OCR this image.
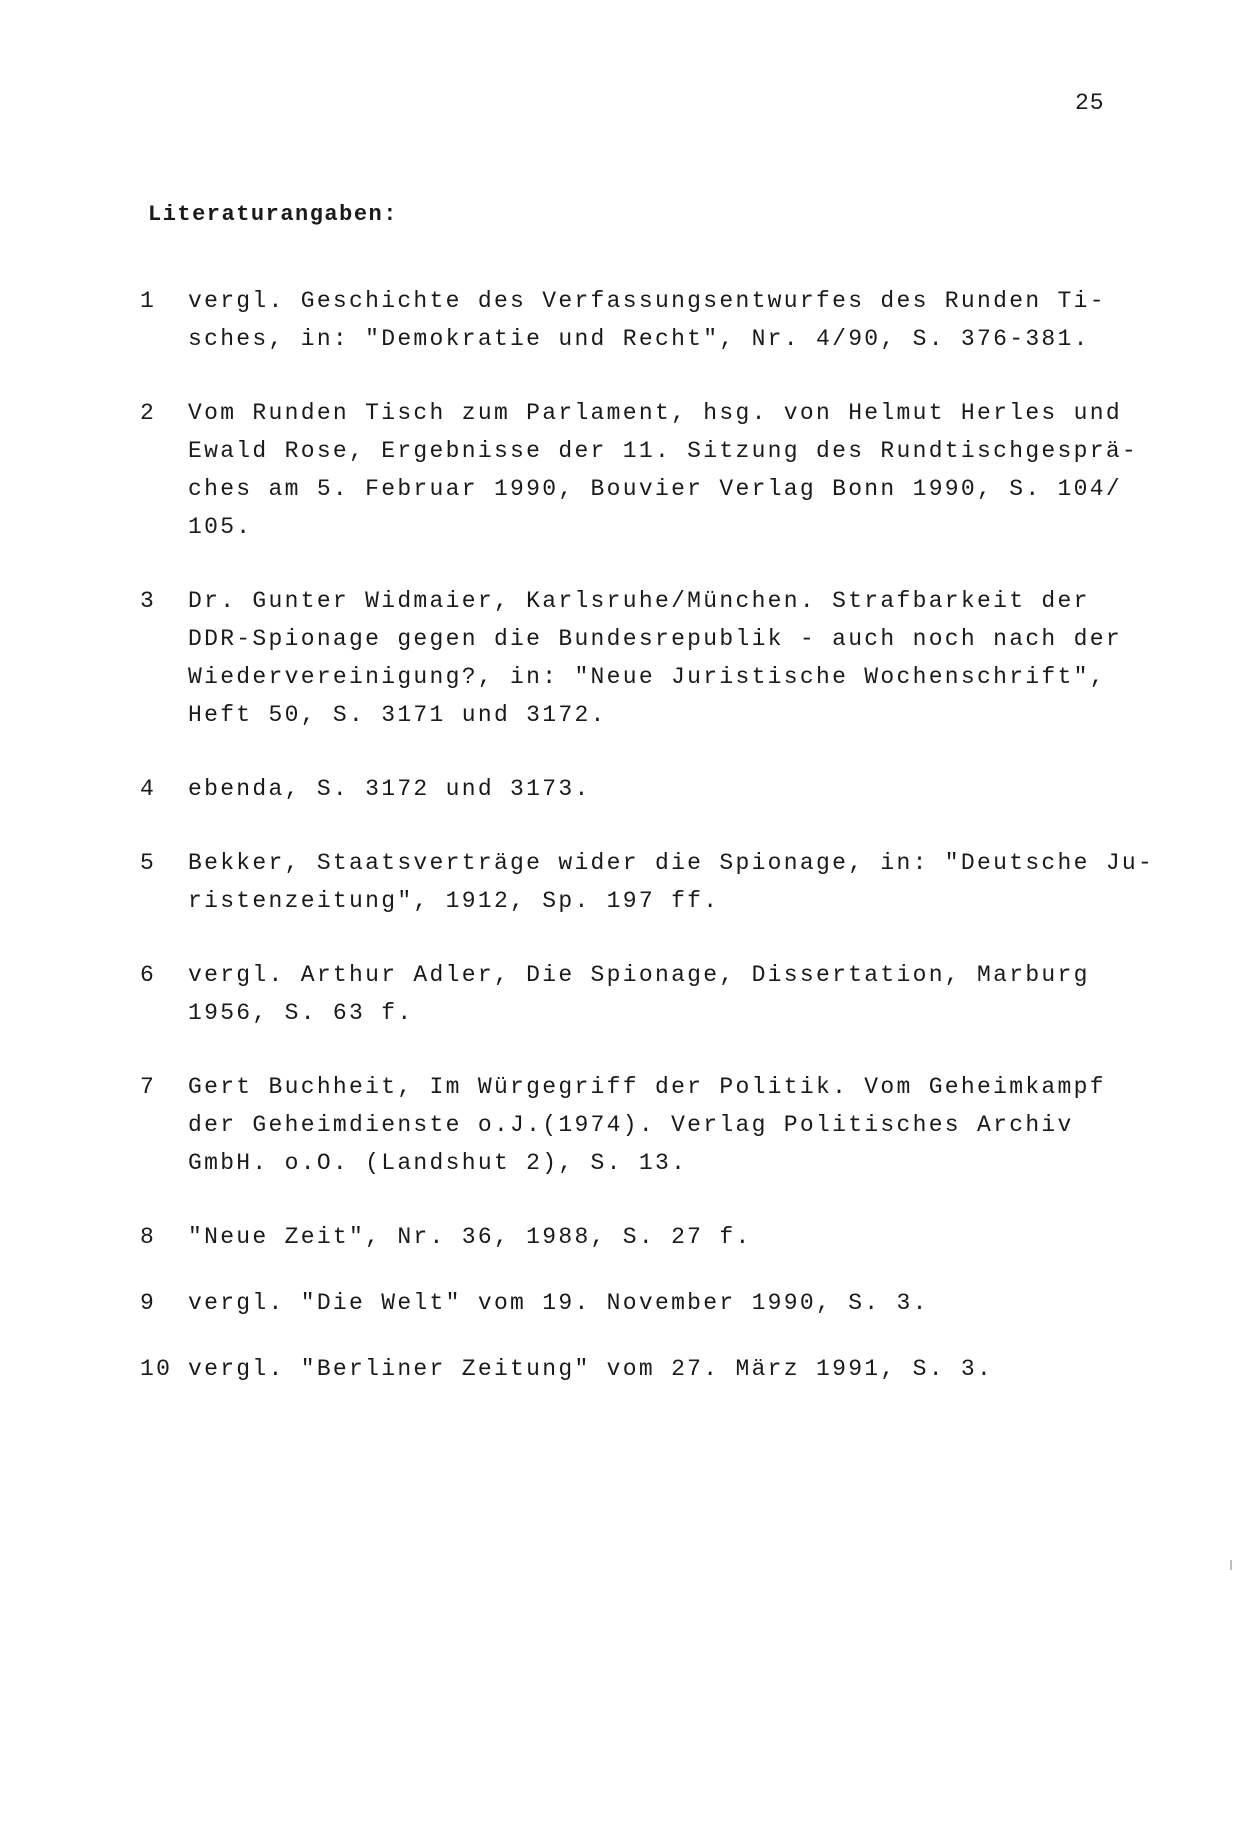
25
Literaturangaben:
1	vergl. Geschichte des Verfassungsentwurfes des Runden Ti-
sches, in: "Demokratie und Recht", Nr. 4/90, S. 376-381.
2	Vom Runden Tisch zum Parlament, hsg. von Helmut Herles und
Ewald Rose, Ergebnisse der 11. Sitzung des Rundtischgesprä-
ches am 5. Februar 1990, Bouvier Verlag Bonn 1990, S. 104/
105.
3	Dr. Gunter Widmaier, Karlsruhe/München. Strafbarkeit der
DDR-Spionage gegen die Bundesrepublik - auch noch nach der
Wiedervereinigung?, in: "Neue Juristische Wochenschrift",
Heft 50, S. 3171 und 3172.
4	ebenda, S. 3172 und 3173.
5	Bekker, Staatsverträge wider die Spionage, in: "Deutsche Ju-
ristenzeitung", 1912, Sp. 197 ff.
6	vergl. Arthur Adler, Die Spionage, Dissertation, Marburg
1956, S. 63 f.
7	Gert Buchheit, Im Würgegriff der Politik. Vom Geheimkampf
der Geheimdienste o.J.(1974). Verlag Politisches Archiv
GmbH. o.O. (Landshut 2), S. 13.
8	"Neue Zeit", Nr. 36, 1988, S. 27 f.
9	vergl. "Die Welt" vom 19. November 1990, S. 3.
10 vergl. "Berliner Zeitung" vom 27. März 1991, S. 3.
